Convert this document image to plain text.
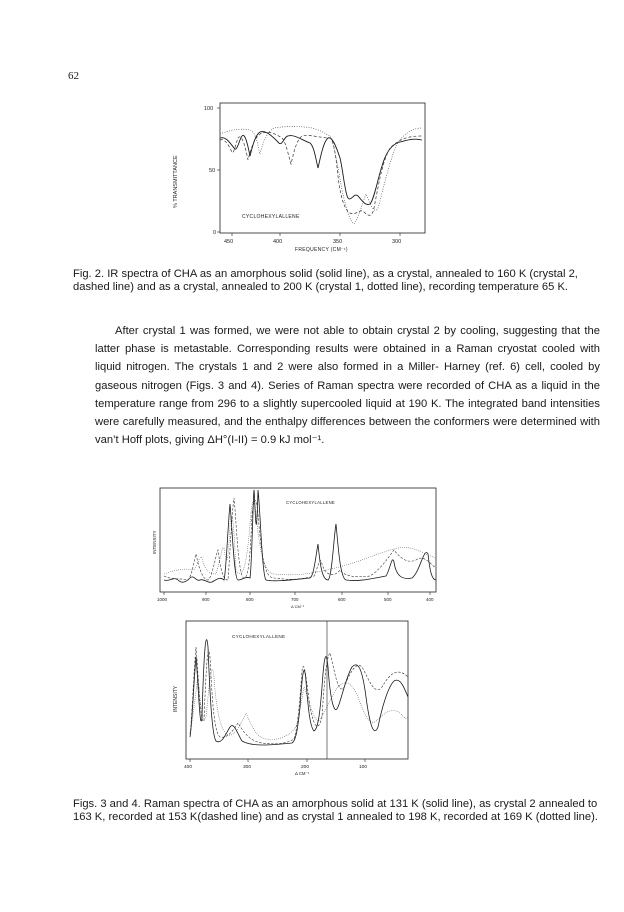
62
100
50
0
% TRANSMITTANCE
450	400	350	300
FREQUENCY (CM⁻¹)
CYCLOHEXYLALLENE
Fig. 2. IR spectra of CHA as an amorphous solid (solid line), as a crystal, annealed to 160 K (crystal 2, dashed line) and as a crystal, annealed to 200 K (crystal 1, dotted line), recording temperature 65 K.
After crystal 1 was formed, we were not able to obtain crystal 2 by cooling, suggesting that the latter phase is metastable. Corresponding results were obtained in a Raman cryostat cooled with liquid nitrogen. The crystals 1 and 2 were also formed in a Miller- Harney (ref. 6) cell, cooled by gaseous nitrogen (Figs. 3 and 4). Series of Raman spectra were recorded of CHA as a liquid in the temperature range from 296 to a slightly supercooled liquid at 190 K. The integrated band intensities were carefully measured, and the enthalpy differences between the conformers were determined with van’t Hoff plots, giving ΔH°(I-II) = 0.9 kJ mol⁻¹.
INTENSITY
CYCLOHEXYLALLENE
1000	900	800	700	600	500	400
Δ CM⁻¹
INTENSITY
CYCLOHEXYLALLENE
400	300	200	100
Δ CM⁻¹
Figs. 3 and 4. Raman spectra of CHA as an amorphous solid at 131 K (solid line), as crystal 2 annealed to 163 K, recorded at 153 K(dashed line) and as crystal 1 annealed to 198 K, recorded at 169 K (dotted line).
